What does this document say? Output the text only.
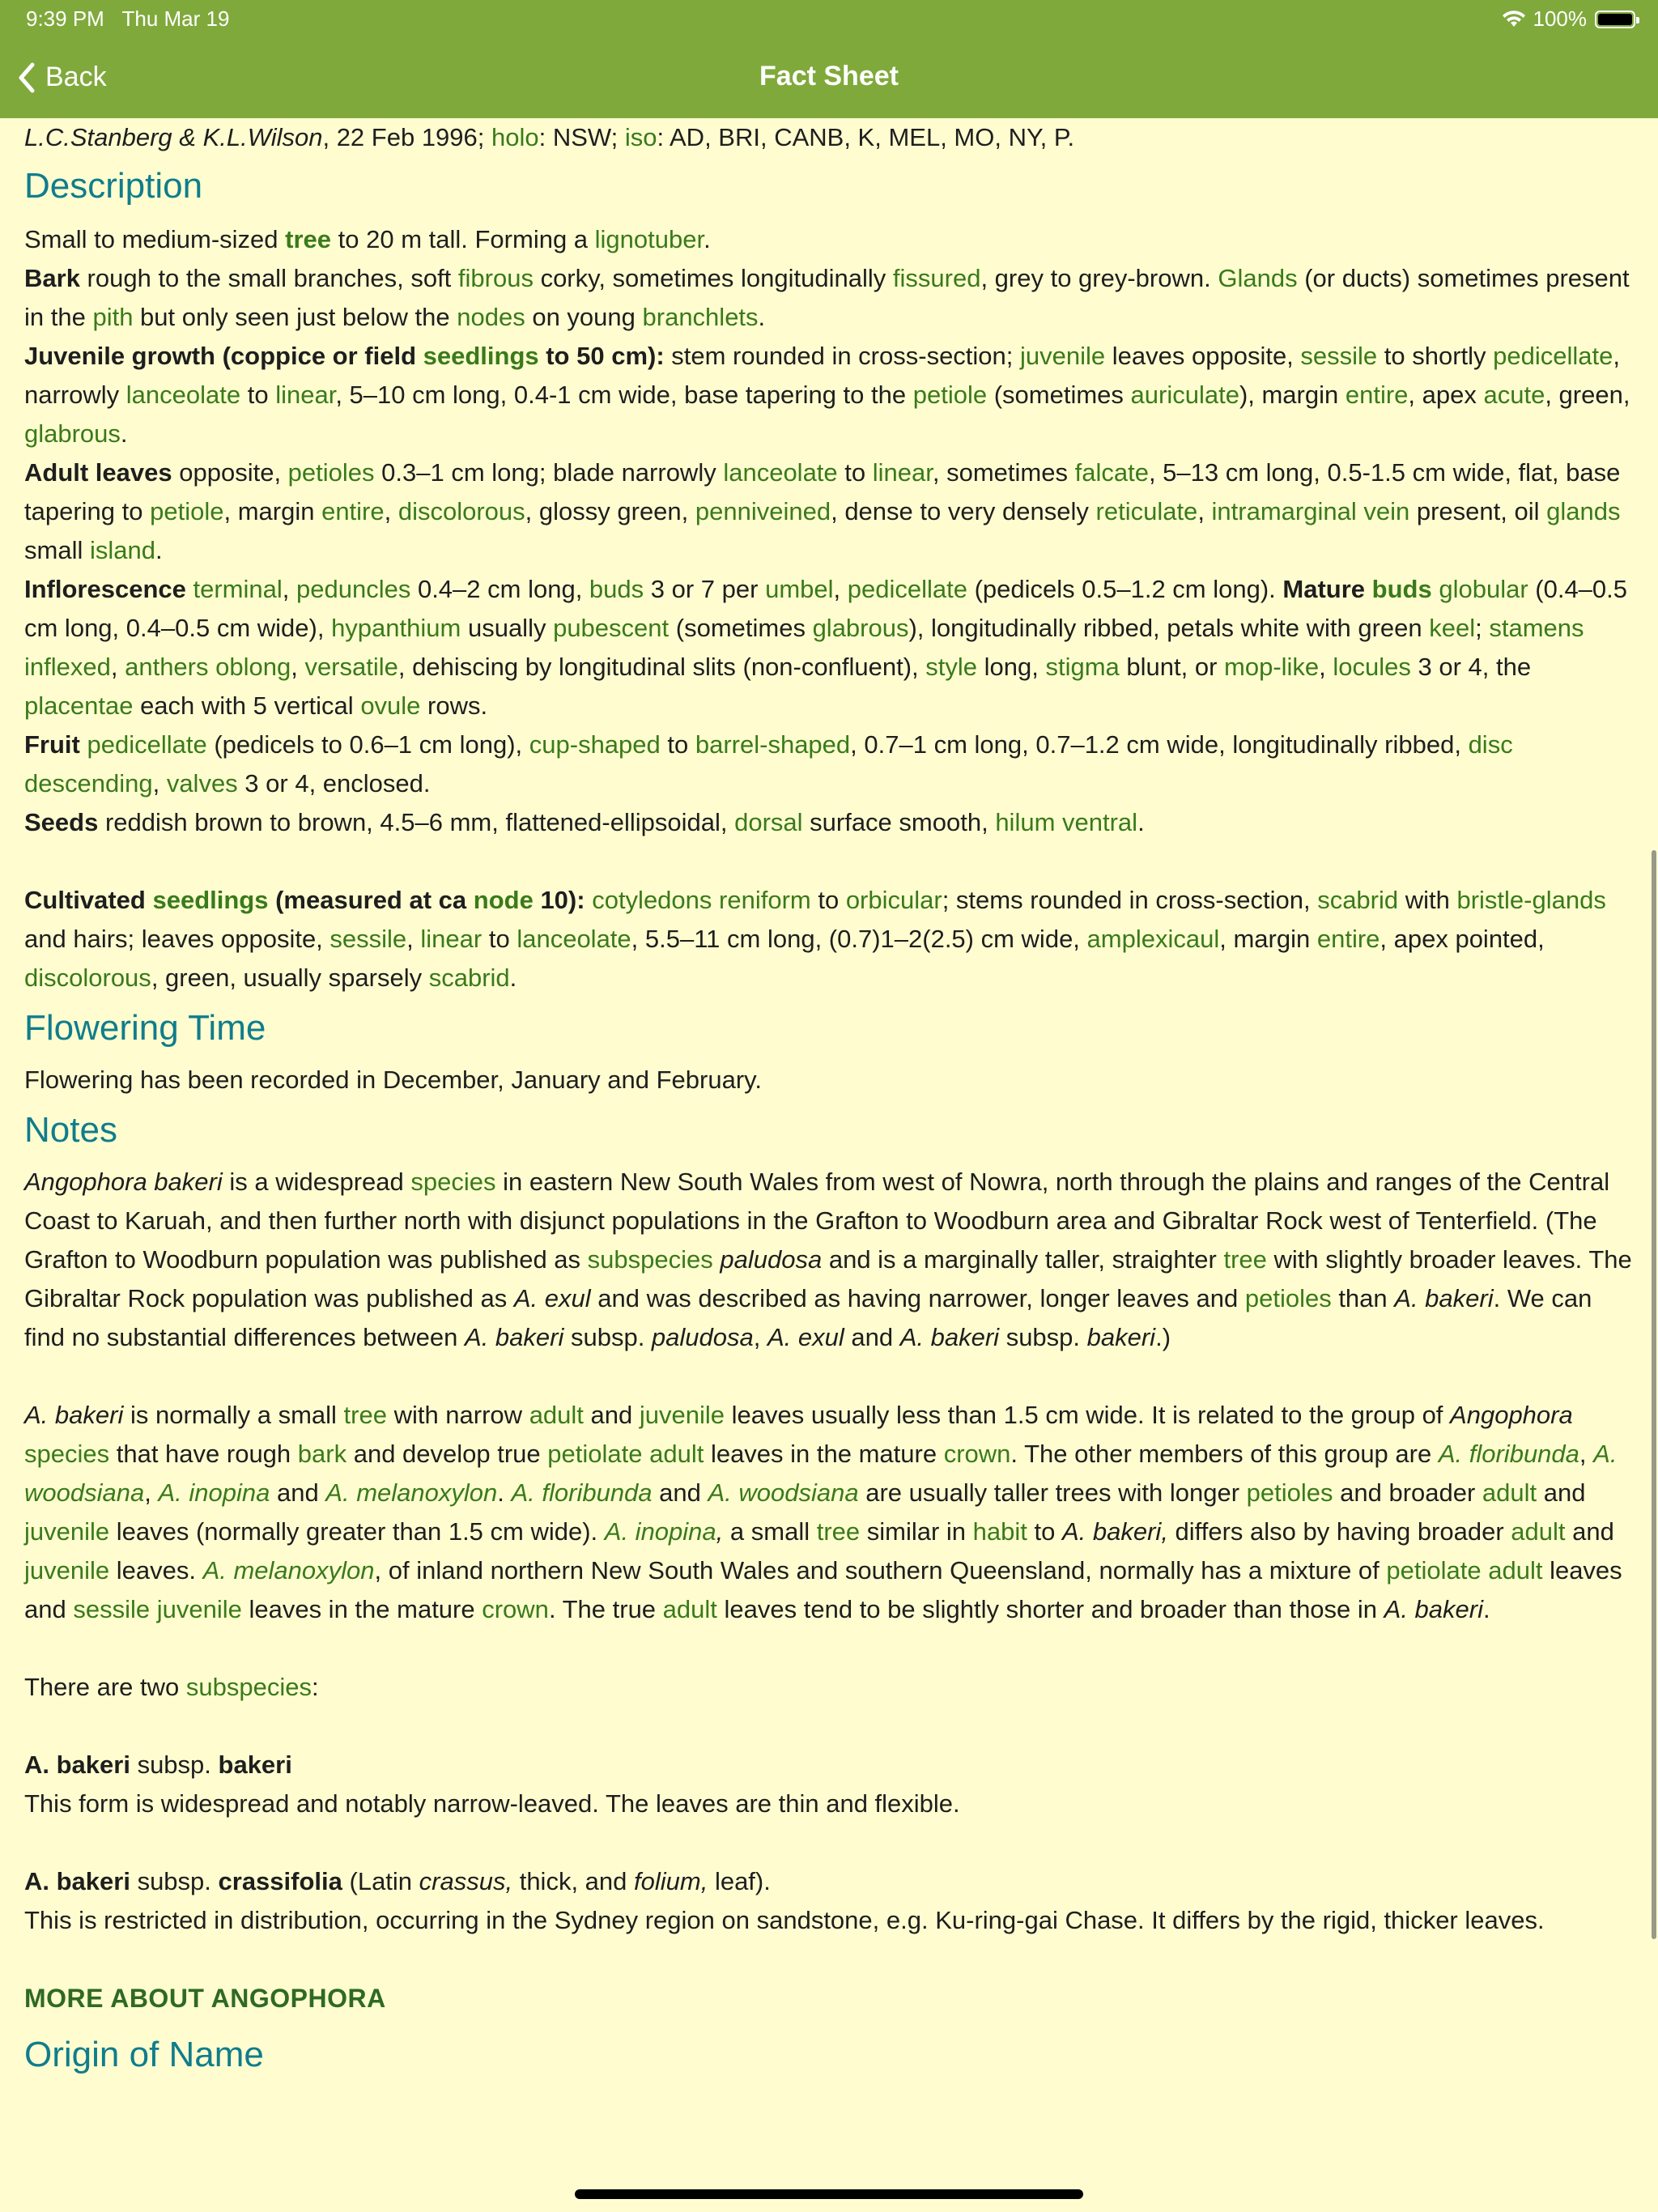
9:39 PM Thu Mar 19	100%
Back	Fact Sheet

L.C.Stanberg & K.L.Wilson, 22 Feb 1996; holo: NSW; iso: AD, BRI, CANB, K, MEL, MO, NY, P.

Description

Small to medium-sized tree to 20 m tall. Forming a lignotuber.

Bark rough to the small branches, soft fibrous corky, sometimes longitudinally fissured, grey to grey-brown. Glands (or ducts) sometimes present in the pith but only seen just below the nodes on young branchlets.

Juvenile growth (coppice or field seedlings to 50 cm): stem rounded in cross-section; juvenile leaves opposite, sessile to shortly pedicellate, narrowly lanceolate to linear, 5–10 cm long, 0.4-1 cm wide, base tapering to the petiole (sometimes auriculate), margin entire, apex acute, green, glabrous.

Adult leaves opposite, petioles 0.3–1 cm long; blade narrowly lanceolate to linear, sometimes falcate, 5–13 cm long, 0.5-1.5 cm wide, flat, base tapering to petiole, margin entire, discolorous, glossy green, penniveined, dense to very densely reticulate, intramarginal vein present, oil glands small island.

Inflorescence terminal, peduncles 0.4–2 cm long, buds 3 or 7 per umbel, pedicellate (pedicels 0.5–1.2 cm long). Mature buds globular (0.4–0.5 cm long, 0.4–0.5 cm wide), hypanthium usually pubescent (sometimes glabrous), longitudinally ribbed, petals white with green keel; stamens inflexed, anthers oblong, versatile, dehiscing by longitudinal slits (non-confluent), style long, stigma blunt, or mop-like, locules 3 or 4, the placentae each with 5 vertical ovule rows.

Fruit pedicellate (pedicels to 0.6–1 cm long), cup-shaped to barrel-shaped, 0.7–1 cm long, 0.7–1.2 cm wide, longitudinally ribbed, disc descending, valves 3 or 4, enclosed.

Seeds reddish brown to brown, 4.5–6 mm, flattened-ellipsoidal, dorsal surface smooth, hilum ventral.

Cultivated seedlings (measured at ca node 10): cotyledons reniform to orbicular; stems rounded in cross-section, scabrid with bristle-glands and hairs; leaves opposite, sessile, linear to lanceolate, 5.5–11 cm long, (0.7)1–2(2.5) cm wide, amplexicaul, margin entire, apex pointed, discolorous, green, usually sparsely scabrid.

Flowering Time

Flowering has been recorded in December, January and February.

Notes

Angophora bakeri is a widespread species in eastern New South Wales from west of Nowra, north through the plains and ranges of the Central Coast to Karuah, and then further north with disjunct populations in the Grafton to Woodburn area and Gibraltar Rock west of Tenterfield. (The Grafton to Woodburn population was published as subspecies paludosa and is a marginally taller, straighter tree with slightly broader leaves. The Gibraltar Rock population was published as A. exul and was described as having narrower, longer leaves and petioles than A. bakeri. We can find no substantial differences between A. bakeri subsp. paludosa, A. exul and A. bakeri subsp. bakeri.)

A. bakeri is normally a small tree with narrow adult and juvenile leaves usually less than 1.5 cm wide. It is related to the group of Angophora species that have rough bark and develop true petiolate adult leaves in the mature crown. The other members of this group are A. floribunda, A. woodsiana, A. inopina and A. melanoxylon. A. floribunda and A. woodsiana are usually taller trees with longer petioles and broader adult and juvenile leaves (normally greater than 1.5 cm wide). A. inopina, a small tree similar in habit to A. bakeri, differs also by having broader adult and juvenile leaves. A. melanoxylon, of inland northern New South Wales and southern Queensland, normally has a mixture of petiolate adult leaves and sessile juvenile leaves in the mature crown. The true adult leaves tend to be slightly shorter and broader than those in A. bakeri.

There are two subspecies:

A. bakeri subsp. bakeri

This form is widespread and notably narrow-leaved. The leaves are thin and flexible.

A. bakeri subsp. crassifolia (Latin crassus, thick, and folium, leaf).

This is restricted in distribution, occurring in the Sydney region on sandstone, e.g. Ku-ring-gai Chase. It differs by the rigid, thicker leaves.

MORE ABOUT ANGOPHORA

Origin of Name
